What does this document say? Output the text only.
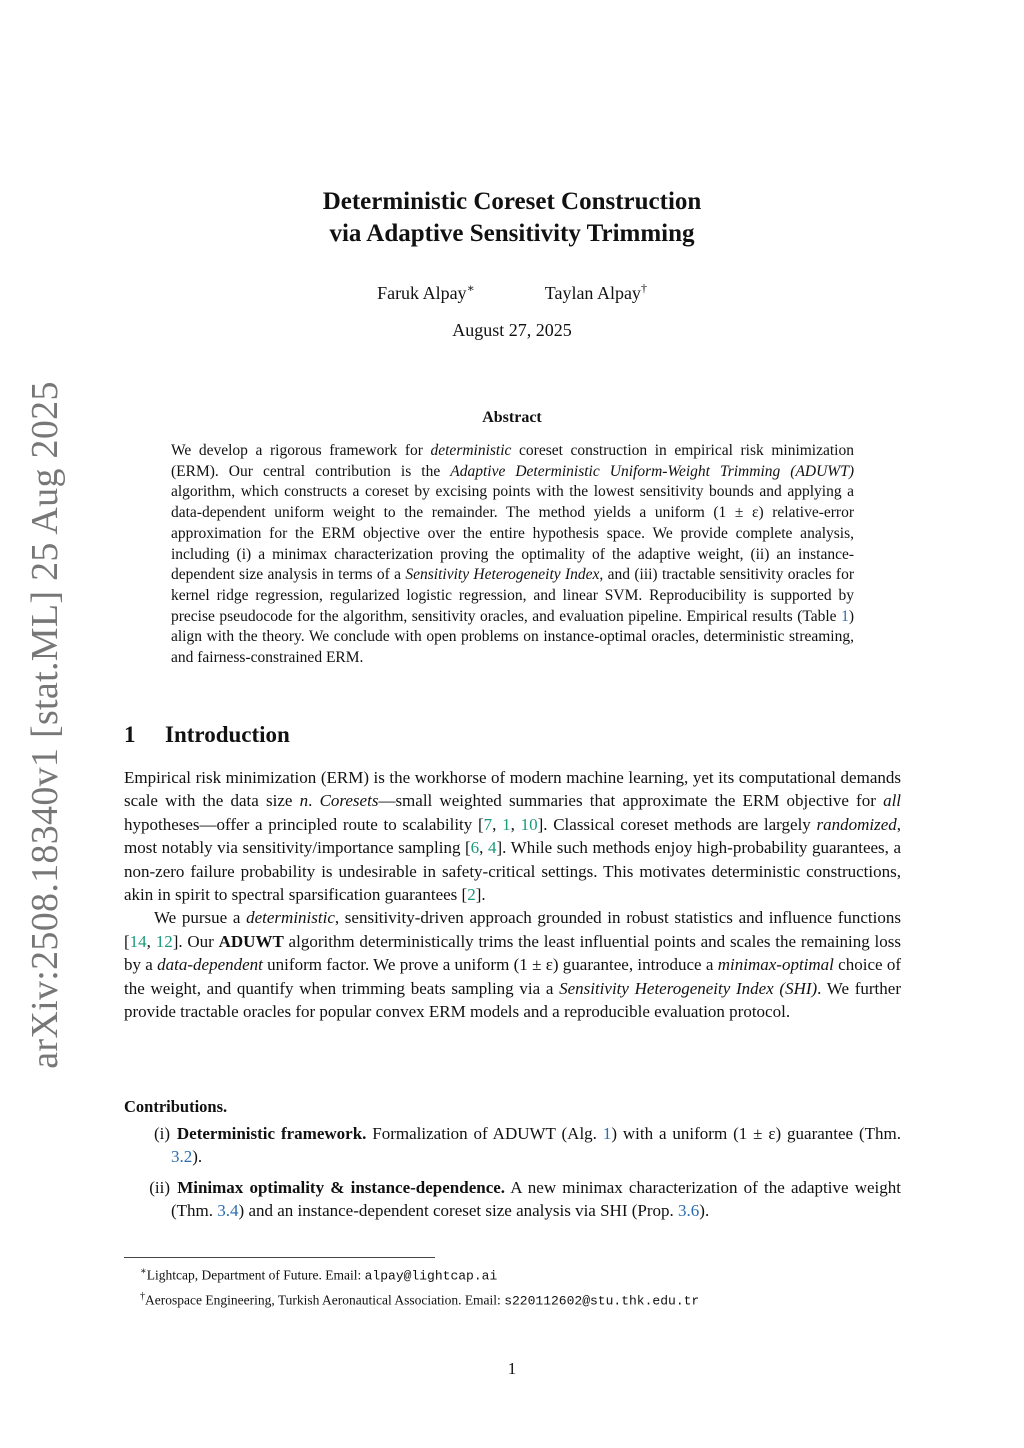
arXiv:2508.18340v1 [stat.ML] 25 Aug 2025
Deterministic Coreset Construction
via Adaptive Sensitivity Trimming
Faruk Alpay∗	Taylan Alpay†
August 27, 2025
Abstract
We develop a rigorous framework for deterministic coreset construction in empirical risk minimization (ERM). Our central contribution is the Adaptive Deterministic Uniform-Weight Trimming (ADUWT) algorithm, which constructs a coreset by excising points with the lowest sensitivity bounds and applying a data-dependent uniform weight to the remainder. The method yields a uniform (1 ± ε) relative-error approximation for the ERM objective over the entire hypothesis space. We provide complete analysis, including (i) a minimax characterization proving the optimality of the adaptive weight, (ii) an instance-dependent size analysis in terms of a Sensitivity Heterogeneity Index, and (iii) tractable sensitivity oracles for kernel ridge regression, regularized logistic regression, and linear SVM. Reproducibility is supported by precise pseudocode for the algorithm, sensitivity oracles, and evaluation pipeline. Empirical results (Table 1) align with the theory. We conclude with open problems on instance-optimal oracles, deterministic streaming, and fairness-constrained ERM.
1 Introduction

Empirical risk minimization (ERM) is the workhorse of modern machine learning, yet its computational demands scale with the data size n. Coresets—small weighted summaries that approximate the ERM objective for all hypotheses—offer a principled route to scalability [7, 1, 10]. Classical coreset methods are largely randomized, most notably via sensitivity/importance sampling [6, 4]. While such methods enjoy high-probability guarantees, a non-zero failure probability is undesirable in safety-critical settings. This motivates deterministic constructions, akin in spirit to spectral sparsification guarantees [2].

We pursue a deterministic, sensitivity-driven approach grounded in robust statistics and influence functions [14, 12]. Our ADUWT algorithm deterministically trims the least influential points and scales the remaining loss by a data-dependent uniform factor. We prove a uniform (1 ± ε) guarantee, introduce a minimax-optimal choice of the weight, and quantify when trimming beats sampling via a Sensitivity Heterogeneity Index (SHI). We further provide tractable oracles for popular convex ERM models and a reproducible evaluation protocol.

Contributions.
(i) Deterministic framework. Formalization of ADUWT (Alg. 1) with a uniform (1 ± ε) guarantee (Thm. 3.2).
(ii) Minimax optimality & instance-dependence. A new minimax characterization of the adaptive weight (Thm. 3.4) and an instance-dependent coreset size analysis via SHI (Prop. 3.6).
∗Lightcap, Department of Future. Email: alpay@lightcap.ai
†Aerospace Engineering, Turkish Aeronautical Association. Email: s220112602@stu.thk.edu.tr
1
